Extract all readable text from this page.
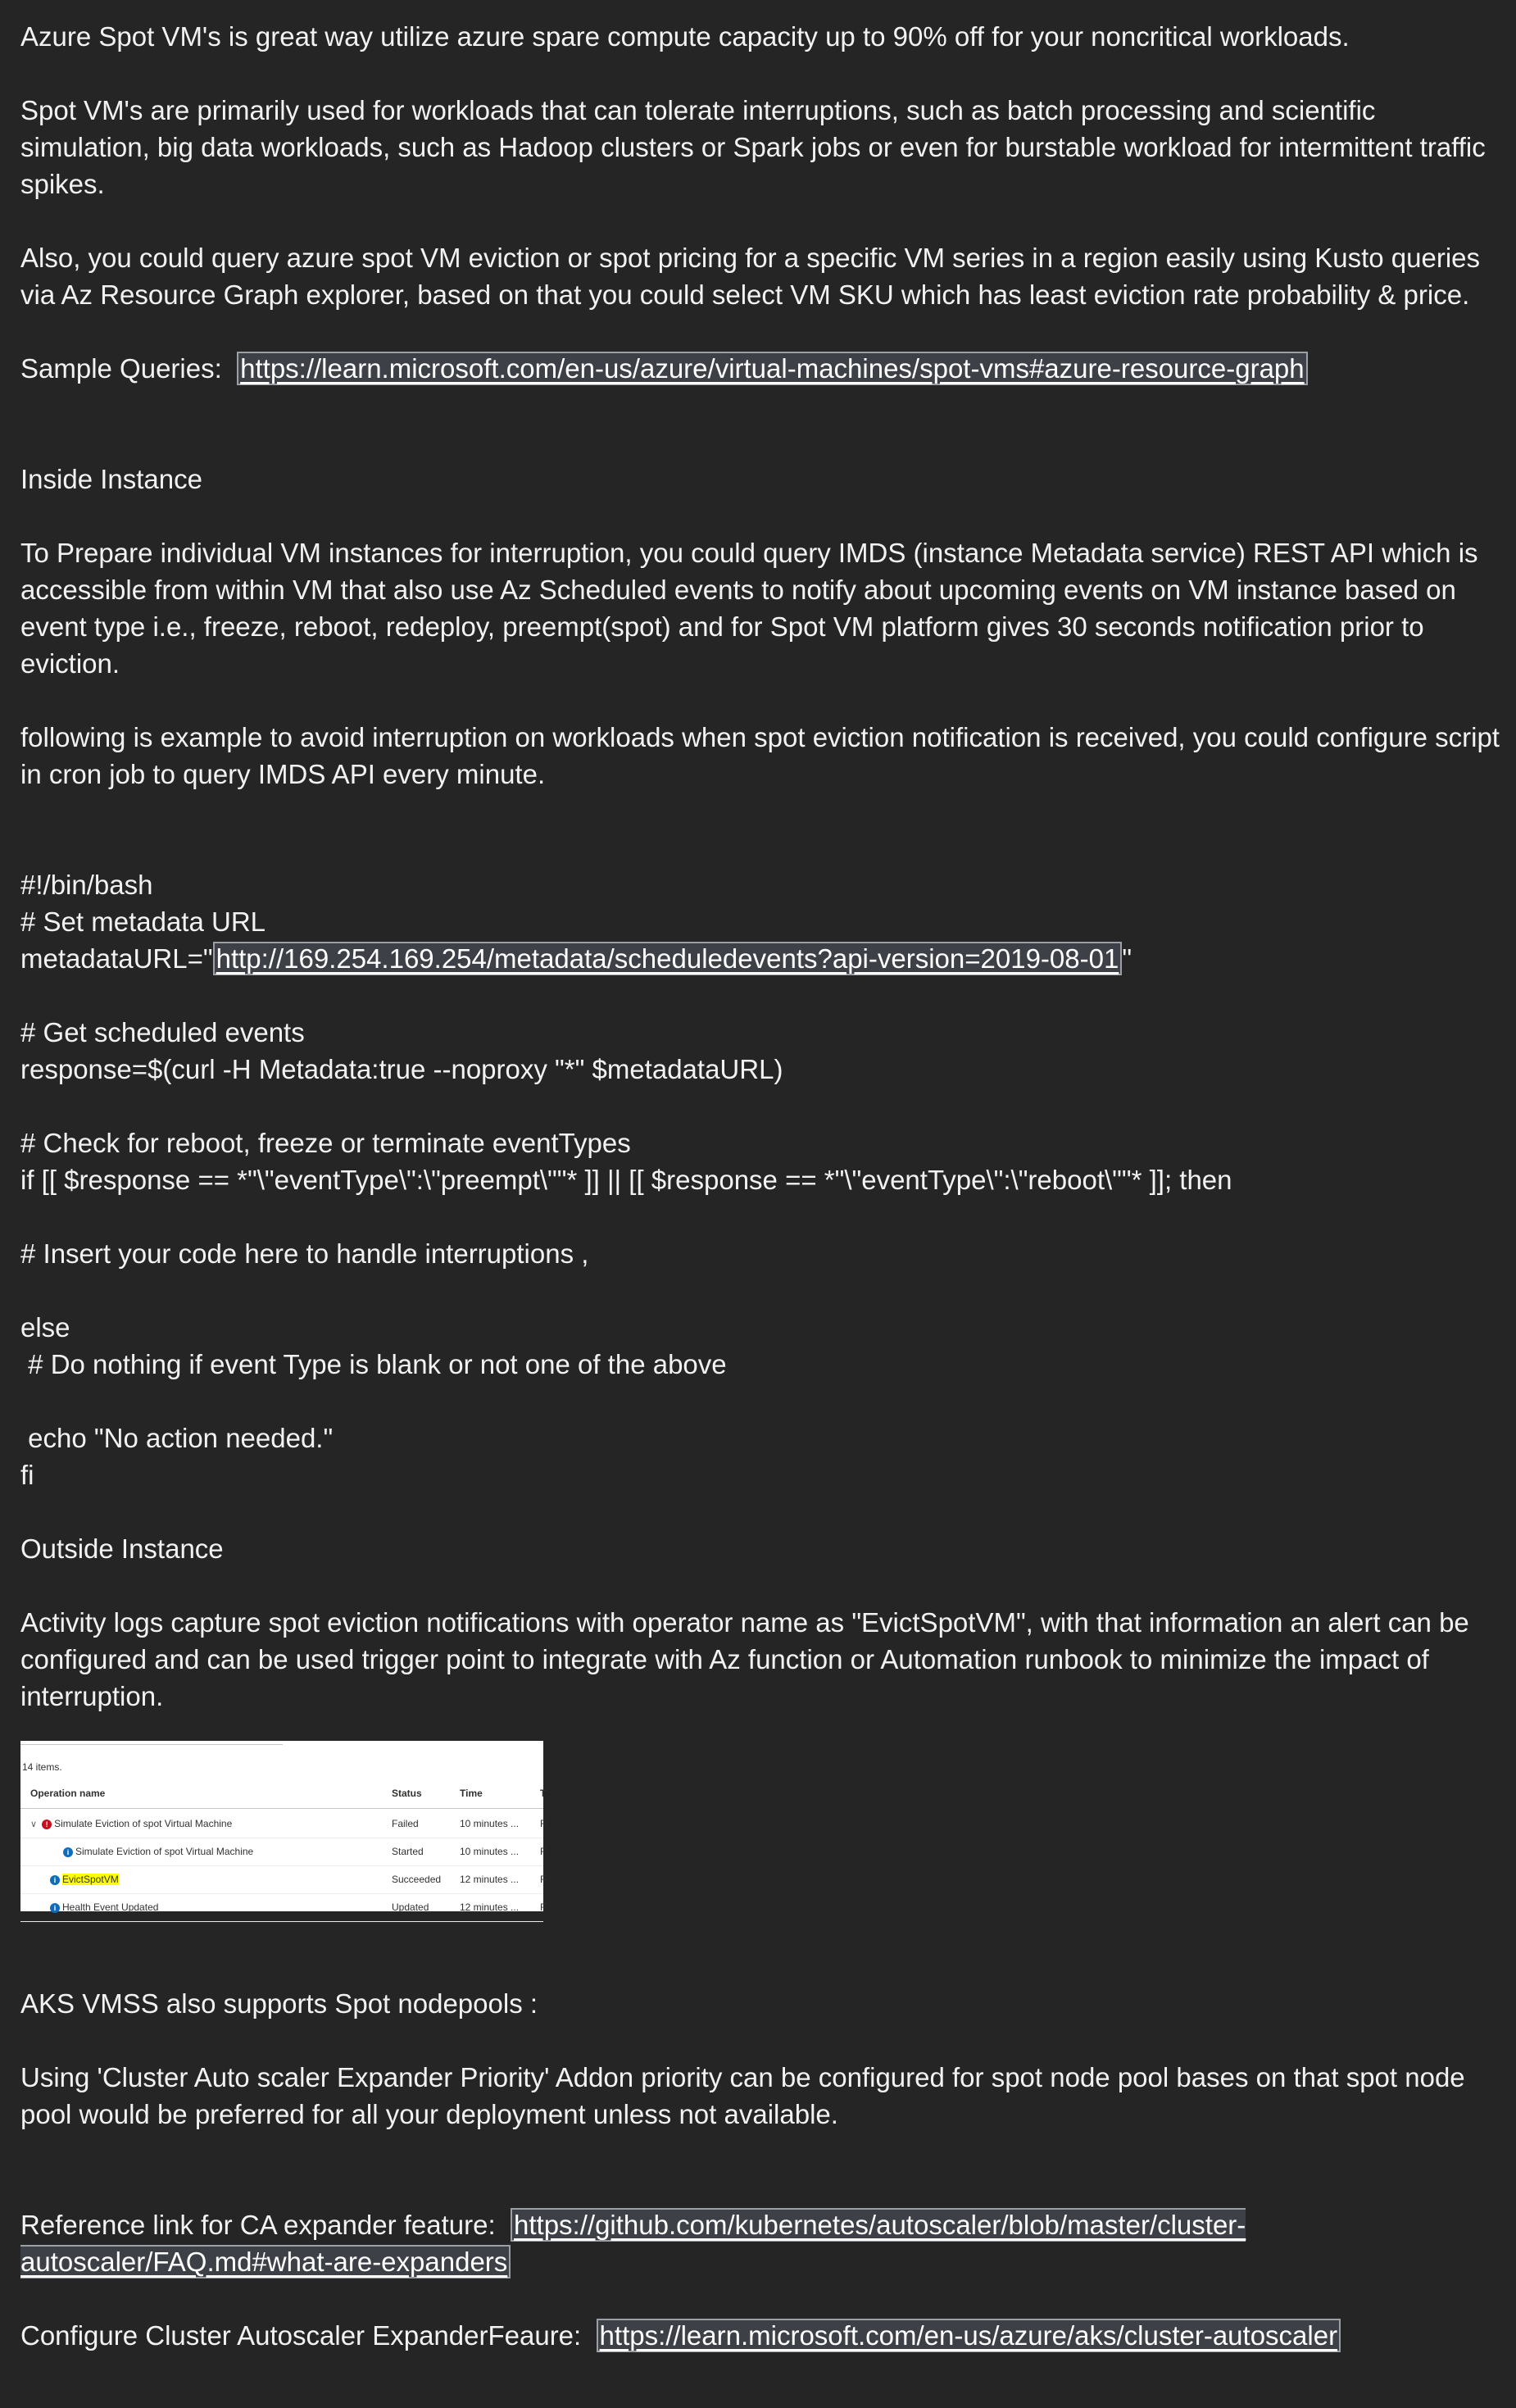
Azure Spot VM's is great way utilize azure spare compute capacity up to 90% off for your noncritical workloads.

Spot VM's are primarily used for workloads that can tolerate interruptions, such as batch processing and scientific simulation, big data workloads, such as Hadoop clusters or Spark jobs or even for burstable workload for intermittent traffic spikes.

Also, you could query azure spot VM eviction or spot pricing for a specific VM series in a region easily using Kusto queries via Az Resource Graph explorer, based on that you could select VM SKU which has least eviction rate probability & price.

Sample Queries: https://learn.microsoft.com/en-us/azure/virtual-machines/spot-vms#azure-resource-graph

Inside Instance

To Prepare individual VM instances for interruption, you could query IMDS (instance Metadata service) REST API which is accessible from within VM that also use Az Scheduled events to notify about upcoming events on VM instance based on event type i.e., freeze, reboot, redeploy, preempt(spot) and for Spot VM platform gives 30 seconds notification prior to eviction.

following is example to avoid interruption on workloads when spot eviction notification is received, you could configure script in cron job to query IMDS API every minute.

#!/bin/bash

# Set metadata URL

metadataURL=" http://169.254.169.254/metadata/scheduledevents?api-version=2019-08-01 "

# Get scheduled events

response=$(curl -H Metadata:true --noproxy "*" $metadataURL)

# Check for reboot, freeze or terminate eventTypes

if [[ $response == *"\"eventType\":\"preempt\""* ]] || [[ $response == *"\"eventType\":\"reboot\""* ]]; then

# Insert your code here to handle interruptions ,

else

# Do nothing if event Type is blank or not one of the above

echo "No action needed."

fi

Outside Instance

Activity logs capture spot eviction notifications with operator name as "EvictSpotVM", with that information an alert can be configured and can be used trigger point to integrate with Az function or Automation runbook to minimize the impact of interruption.

14 items.
Operation name	Status	Time	T
∨ ! Simulate Eviction of spot Virtual Machine	Failed	10 minutes ... F
i Simulate Eviction of spot Virtual Machine	Started	10 minutes ... F
i EvictSpotVM	Succeeded 12 minutes ... F
i Health Event Updated	Updated	12 minutes ... F

AKS VMSS also supports Spot nodepools :

Using 'Cluster Auto scaler Expander Priority' Addon priority can be configured for spot node pool bases on that spot node pool would be preferred for all your deployment unless not available.

Reference link for CA expander feature: https://github.com/kubernetes/autoscaler/blob/master/cluster-autoscaler/FAQ.md#what-are-expanders

Configure Cluster Autoscaler ExpanderFeaure: https://learn.microsoft.com/en-us/azure/aks/cluster-autoscaler
